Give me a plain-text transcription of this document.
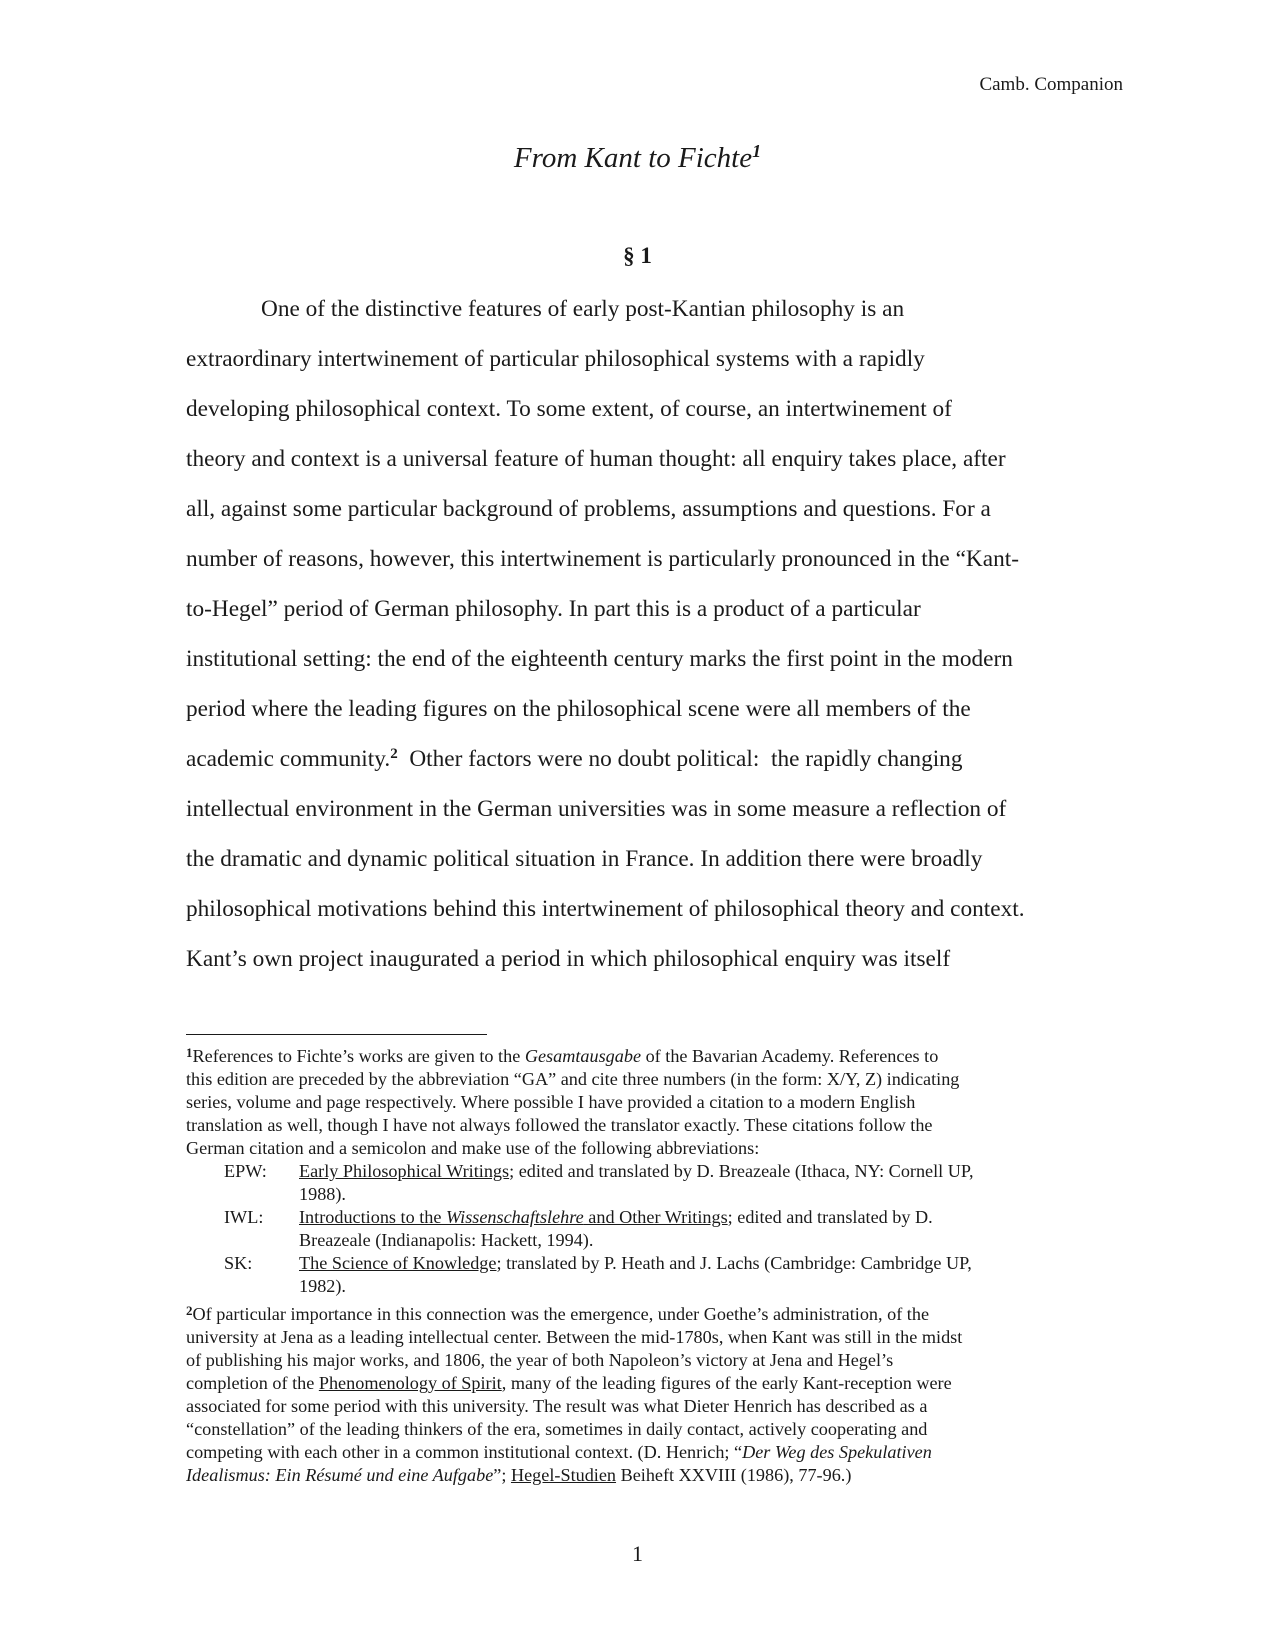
Camb. Companion
From Kant to Fichte$^1$
§ 1
One of the distinctive features of early post-Kantian philosophy is an
extraordinary intertwinement of particular philosophical systems with a rapidly
developing philosophical context. To some extent, of course, an intertwinement of
theory and context is a universal feature of human thought: all enquiry takes place, after
all, against some particular background of problems, assumptions and questions. For a
number of reasons, however, this intertwinement is particularly pronounced in the “Kant-
to-Hegel” period of German philosophy. In part this is a product of a particular
institutional setting: the end of the eighteenth century marks the first point in the modern
period where the leading figures on the philosophical scene were all members of the
academic community.$^2$  Other factors were no doubt political:  the rapidly changing
intellectual environment in the German universities was in some measure a reflection of
the dramatic and dynamic political situation in France. In addition there were broadly
philosophical motivations behind this intertwinement of philosophical theory and context.
Kant’s own project inaugurated a period in which philosophical enquiry was itself
$^1$References to Fichte’s works are given to the Gesamtausgabe of the Bavarian Academy. References to
this edition are preceded by the abbreviation “GA” and cite three numbers (in the form: X/Y, Z) indicating
series, volume and page respectively. Where possible I have provided a citation to a modern English
translation as well, though I have not always followed the translator exactly. These citations follow the
German citation and a semicolon and make use of the following abbreviations:
EPW: Early Philosophical Writings; edited and translated by D. Breazeale (Ithaca, NY: Cornell UP,
1988).
IWL: Introductions to the Wissenschaftslehre and Other Writings; edited and translated by D.
Breazeale (Indianapolis: Hackett, 1994).
SK:	The Science of Knowledge; translated by P. Heath and J. Lachs (Cambridge: Cambridge UP,
1982).
$^2$Of particular importance in this connection was the emergence, under Goethe’s administration, of the
university at Jena as a leading intellectual center. Between the mid-1780s, when Kant was still in the midst
of publishing his major works, and 1806, the year of both Napoleon’s victory at Jena and Hegel’s
completion of the Phenomenology of Spirit, many of the leading figures of the early Kant-reception were
associated for some period with this university. The result was what Dieter Henrich has described as a
“constellation” of the leading thinkers of the era, sometimes in daily contact, actively cooperating and
competing with each other in a common institutional context. (D. Henrich; “Der Weg des Spekulativen
Idealismus: Ein Résumé und eine Aufgabe”; Hegel-Studien Beiheft XXVIII (1986), 77-96.)
1
